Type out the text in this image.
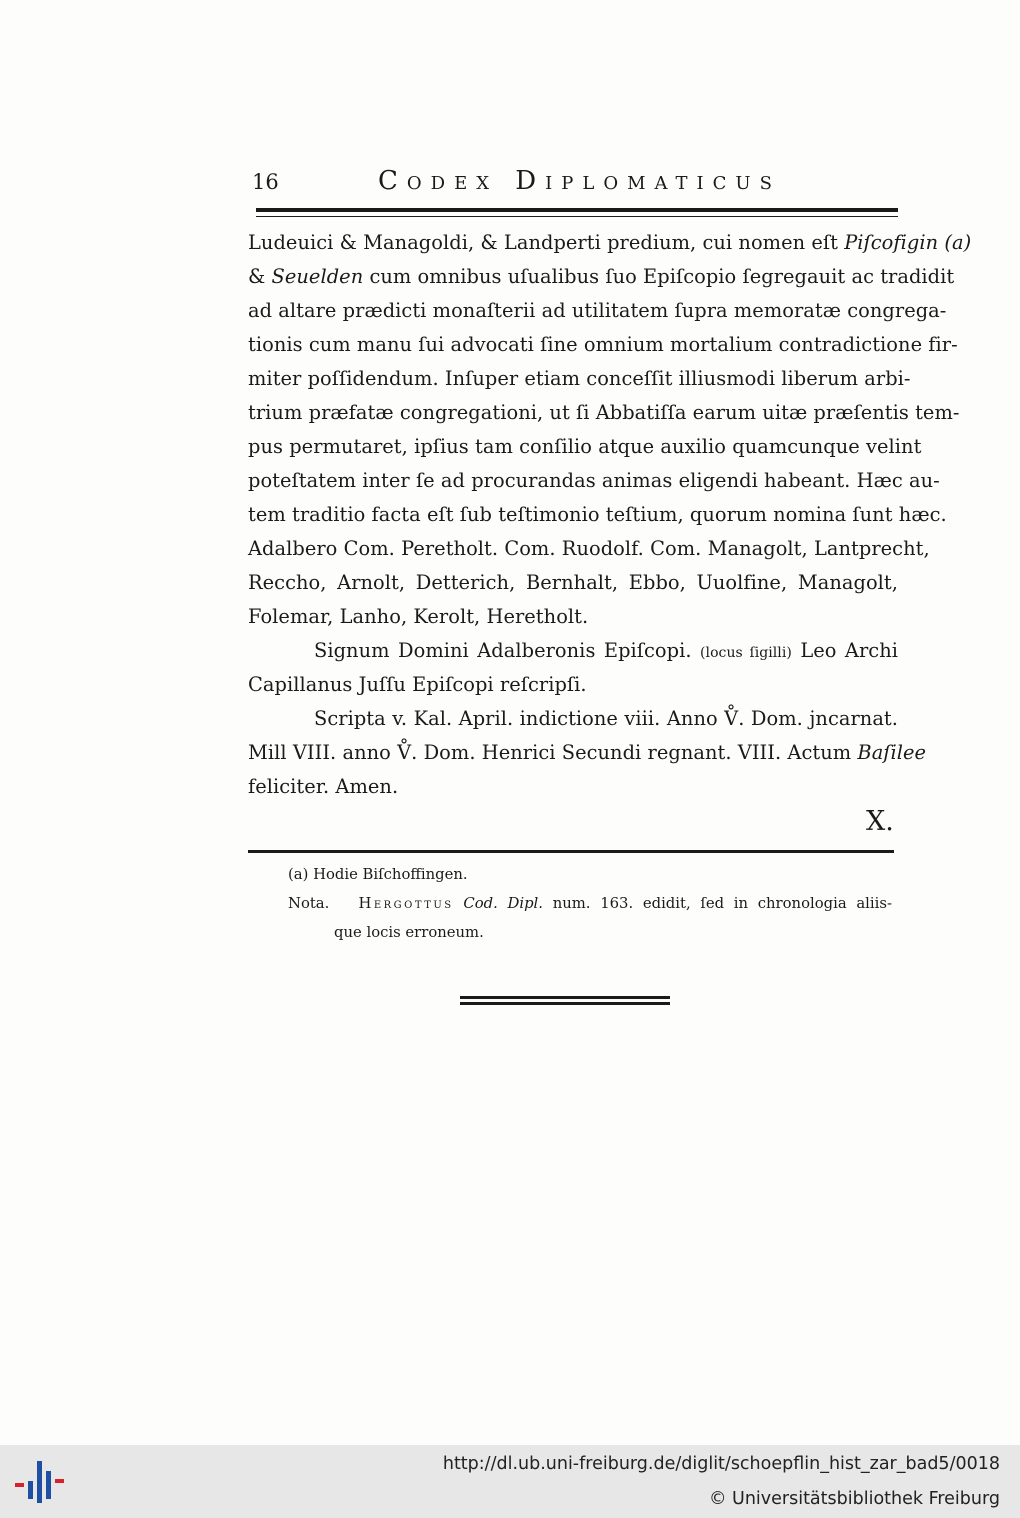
16	Codex Diplomaticus
Ludeuici & Managoldi, & Landperti predium, cui nomen eſt Piſcofigin (a)
& Seuelden cum omnibus uſualibus ſuo Epiſcopio ſegregauit ac tradidit
ad altare prædicti monaſterii ad utilitatem ſupra memoratæ congrega-
tionis cum manu ſui advocati ſine omnium mortalium contradictione fir-
miter poſſidendum. Inſuper etiam conceſſit illiusmodi liberum arbi-
trium præfatæ congregationi, ut ſi Abbatiſſa earum uitæ præſentis tem-
pus permutaret, ipſius tam conſilio atque auxilio quamcunque velint
poteſtatem inter ſe ad procurandas animas eligendi habeant. Hæc au-
tem traditio facta eſt ſub teſtimonio teſtium, quorum nomina ſunt hæc.
Adalbero Com. Peretholt. Com. Ruodolf. Com. Managolt, Lantprecht,
Reccho, Arnolt, Detterich, Bernhalt, Ebbo, Uuolfine, Managolt,
Folemar, Lanho, Kerolt, Heretholt.
Signum Domini Adalberonis Epiſcopi. (locus ſigilli) Leo Archi
Capillanus Juſſu Epiſcopi reſcripſi.
Scripta v. Kal. April. indictione viii. Anno V̊. Dom. jncarnat.
Mill VIII. anno V̊. Dom. Henrici Secundi regnant. VIII. Actum Baſilee
feliciter. Amen.
X.
(a) Hodie Biſchoffingen.
Nota. Hergottus Cod. Dipl. num. 163. edidit, ſed in chronologia aliis-
que locis erroneum.
http://dl.ub.uni-freiburg.de/diglit/schoepflin_hist_zar_bad5/0018
© Universitätsbibliothek Freiburg
